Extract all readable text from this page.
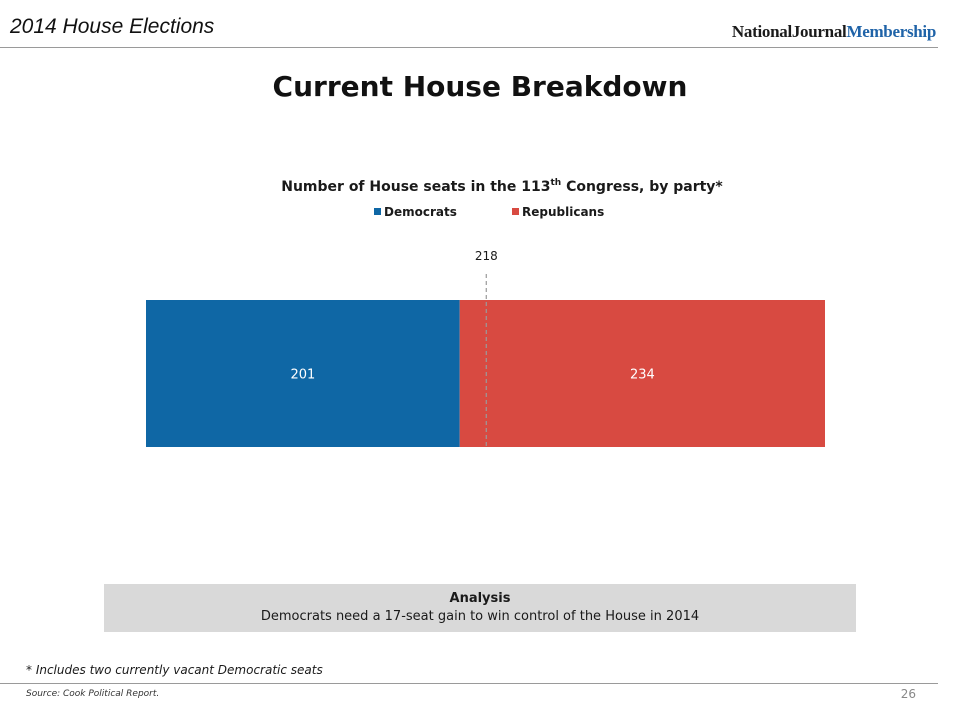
2014 House Elections	NationalJournalMembership
Current House Breakdown
Number of House seats in the 113th Congress, by party*
Democrats	Republicans
201	234
218
Analysis
Democrats need a 17-seat gain to win control of the House in 2014
* Includes two currently vacant Democratic seats
Source: Cook Political Report.	26
